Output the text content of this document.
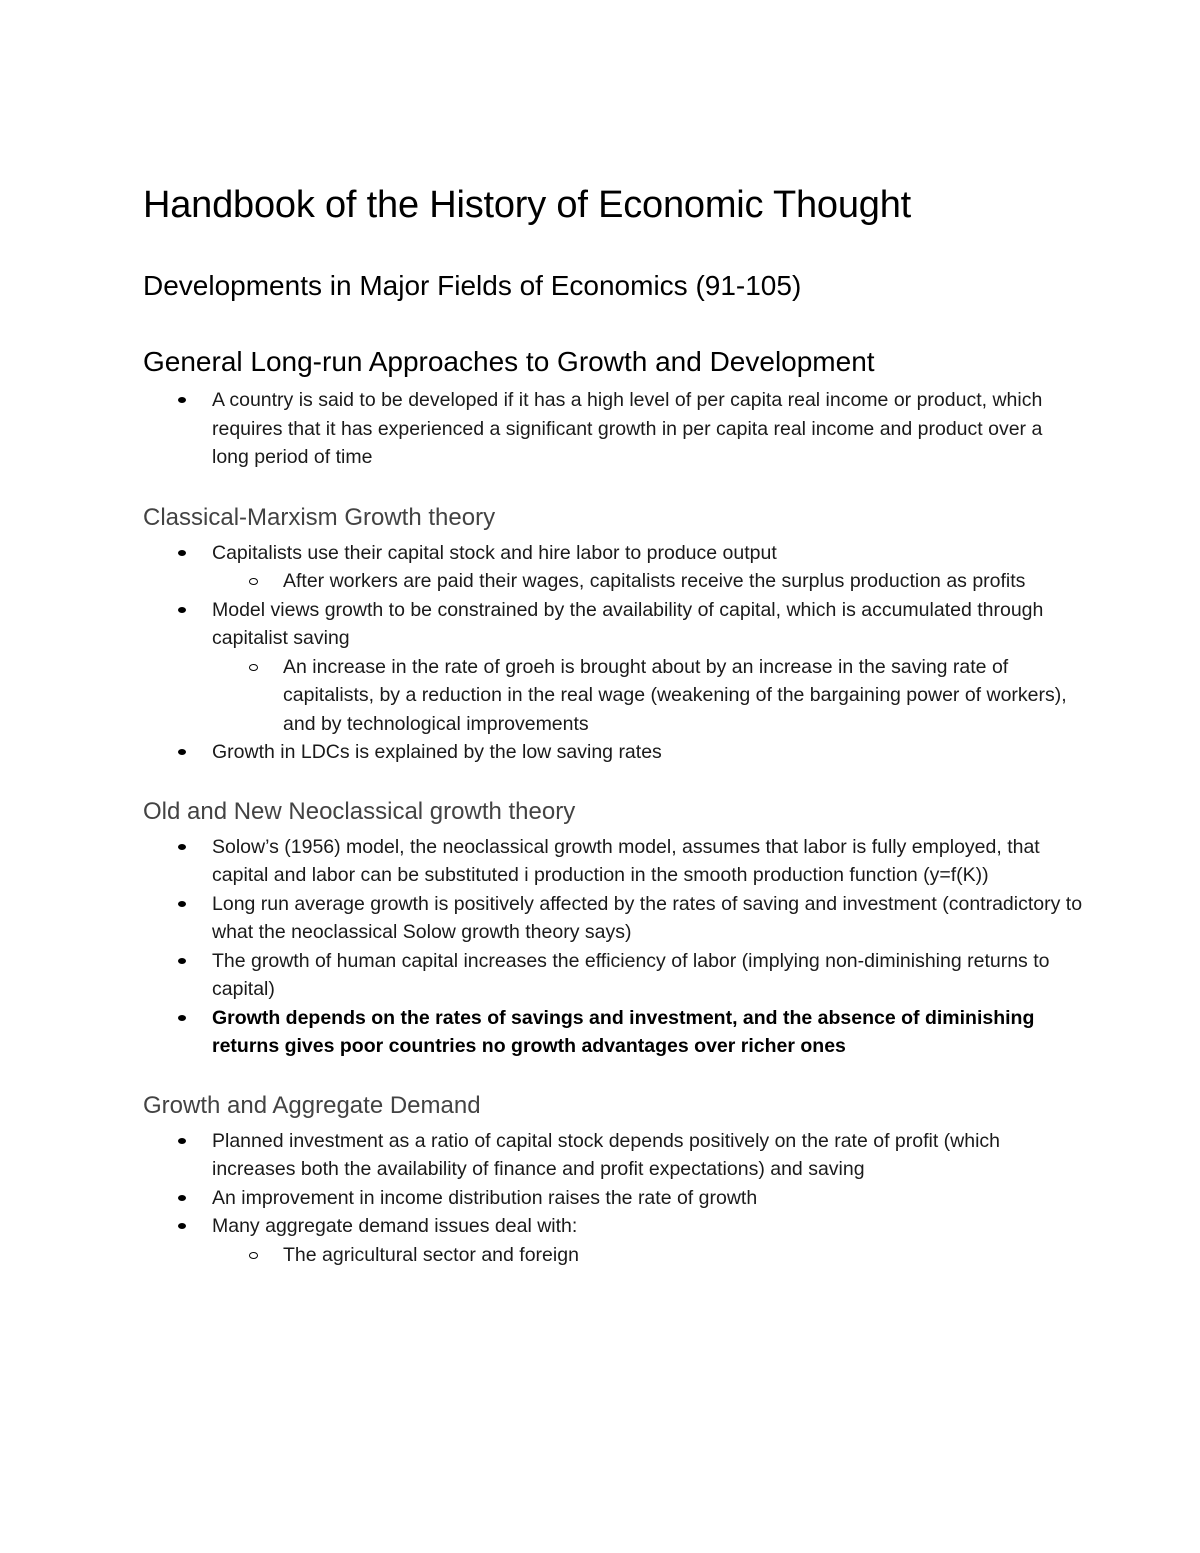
Handbook of the History of Economic Thought
Developments in Major Fields of Economics (91-105)
General Long-run Approaches to Growth and Development
A country is said to be developed if it has a high level of per capita real income or product, which requires that it has experienced a significant growth in per capita real income and product over a long period of time
Classical-Marxism Growth theory
Capitalists use their capital stock and hire labor to produce output
After workers are paid their wages, capitalists receive the surplus production as profits
Model views growth to be constrained by the availability of capital, which is accumulated through capitalist saving
An increase in the rate of groeh is brought about by an increase in the saving rate of capitalists, by a reduction in the real wage (weakening of the bargaining power of workers), and by technological improvements
Growth in LDCs is explained by the low saving rates
Old and New Neoclassical growth theory
Solow’s (1956) model, the neoclassical growth model, assumes that labor is fully employed, that capital and labor can be substituted i production in the smooth production function (y=f(K))
Long run average growth is positively affected by the rates of saving and investment (contradictory to what the neoclassical Solow growth theory says)
The growth of human capital increases the efficiency of labor (implying non-diminishing returns to capital)
Growth depends on the rates of savings and investment, and the absence of diminishing returns gives poor countries no growth advantages over richer ones
Growth and Aggregate Demand
Planned investment as a ratio of capital stock depends positively on the rate of profit (which increases both the availability of finance and profit expectations) and saving
An improvement in income distribution raises the rate of growth
Many aggregate demand issues deal with:
The agricultural sector and foreign
